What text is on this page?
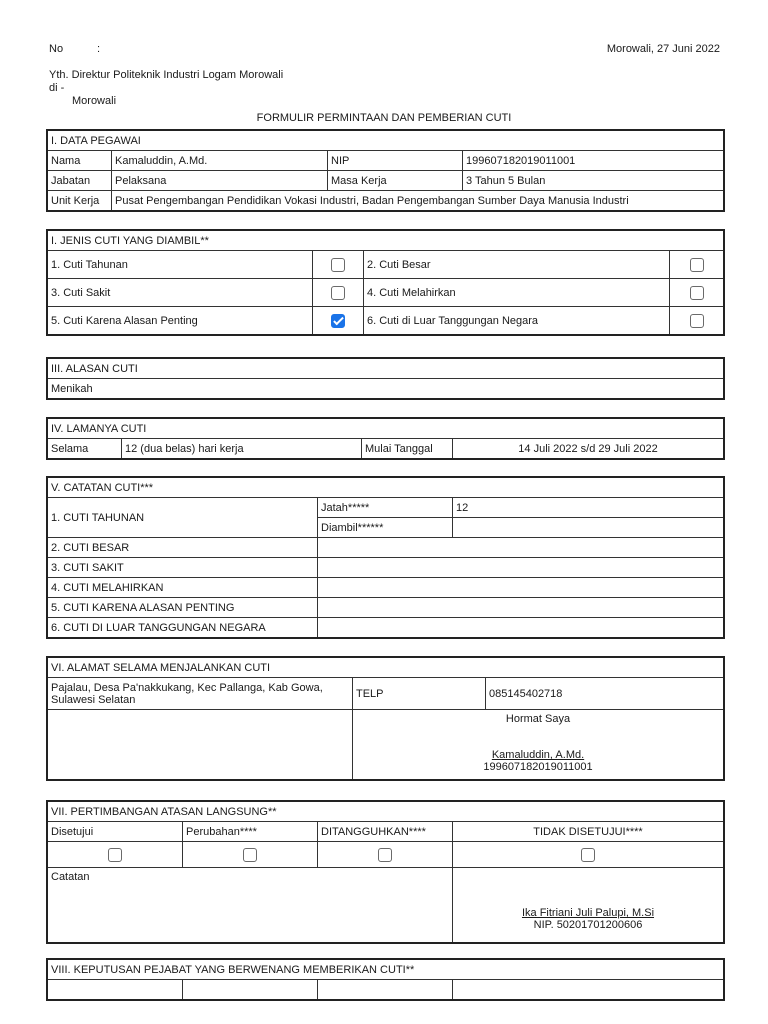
No	:	Morowali, 27 Juni 2022
Yth. Direktur Politeknik Industri Logam Morowali
di -
Morowali
FORMULIR PERMINTAAN DAN PEMBERIAN CUTI
I. DATA PEGAWAI			
Nama	Kamaluddin, A.Md.	NIP	199607182019011001
Jabatan	Pelaksana	Masa Kerja	3 Tahun 5 Bulan
Unit Kerja	Pusat Pengembangan Pendidikan Vokasi Industri, Badan Pengembangan Sumber Daya Manusia Industri		
I. JENIS CUTI YANG DIAMBIL**			
1. Cuti Tahunan		2. Cuti Besar	
3. Cuti Sakit		4. Cuti Melahirkan	
5. Cuti Karena Alasan Penting		6. Cuti di Luar Tanggungan Negara	
III. ALASAN CUTI
Menikah
IV. LAMANYA CUTI
Selama	12 (dua belas) hari kerja	Mulai Tanggal	14 Juli 2022 s/d 29 Juli 2022
V. CATATAN CUTI***		
1. CUTI TAHUNAN	Jatah*****	12
	Diambil******	
2. CUTI BESAR		
3. CUTI SAKIT		
4. CUTI MELAHIRKAN		
5. CUTI KARENA ALASAN PENTING		
6. CUTI DI LUAR TANGGUNGAN NEGARA		
VI. ALAMAT SELAMA MENJALANKAN CUTI		
Pajalau, Desa Pa'nakkukang, Kec Pallanga, Kab Gowa, Sulawesi Selatan	TELP	085145402718

	Hormat Saya
Kamaluddin, A.Md.
199607182019011001	
VII. PERTIMBANGAN ATASAN LANGSUNG**			
Disetujui	Perubahan****	DITANGGUHKAN****	TIDAK DISETUJUI****

Catatan			Ika Fitriani Juli Palupi, M.Si
NIP. 50201701200606
VIII. KEPUTUSAN PEJABAT YANG BERWENANG MEMBERIKAN CUTI**
